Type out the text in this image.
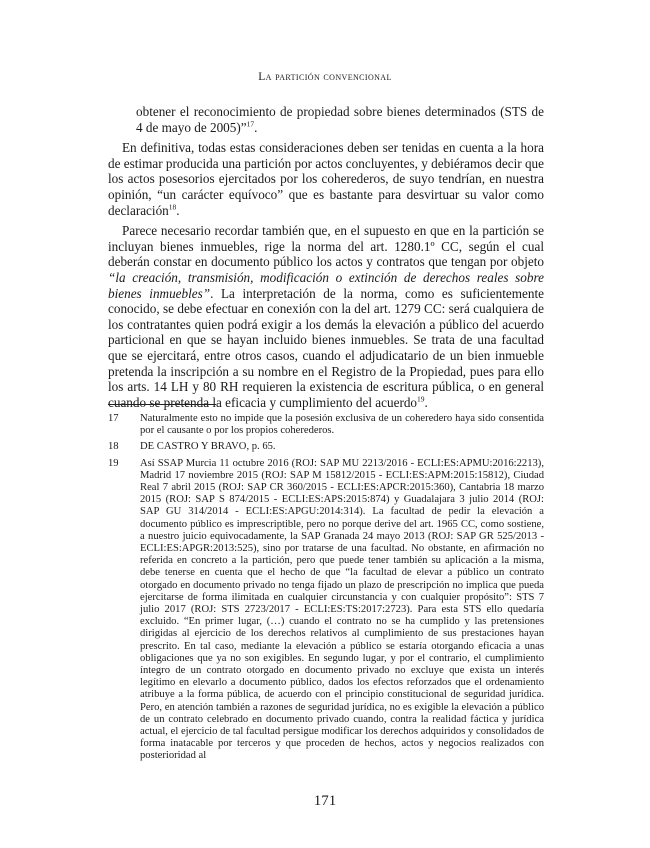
La partición convencional

obtener el reconocimiento de propiedad sobre bienes determinados (STS de 4 de mayo de 2005)”$^{17}$.

En definitiva, todas estas consideraciones deben ser tenidas en cuenta a la hora de estimar producida una partición por actos concluyentes, y debiéramos decir que los actos posesorios ejercitados por los coherederos, de suyo tendrían, en nuestra opinión, “un carácter equívoco” que es bastante para desvirtuar su valor como declaración$^{18}$.

Parece necesario recordar también que, en el supuesto en que en la partición se incluyan bienes inmuebles, rige la norma del art. 1280.1º CC, según el cual deberán constar en documento público los actos y contratos que tengan por objeto “la creación, transmisión, modificación o extinción de derechos reales sobre bienes inmuebles”. La interpretación de la norma, como es suficientemente conocido, se debe efectuar en conexión con la del art. 1279 CC: será cualquiera de los contratantes quien podrá exigir a los demás la elevación a público del acuerdo particional en que se hayan incluido bienes inmuebles. Se trata de una facultad que se ejercitará, entre otros casos, cuando el adjudicatario de un bien inmueble pretenda la inscripción a su nombre en el Registro de la Propiedad, pues para ello los arts. 14 LH y 80 RH requieren la existencia de escritura pública, o en general cuando se pretenda la eficacia y cumplimiento del acuerdo$^{19}$.

17	Naturalmente esto no impide que la posesión exclusiva de un coheredero haya sido consentida por el causante o por los propios coherederos.
18	DE CASTRO Y BRAVO, p. 65.
19	Así SSAP Murcia 11 octubre 2016 (ROJ: SAP MU 2213/2016 - ECLI:ES:APMU:2016:2213), Madrid 17 noviembre 2015 (ROJ: SAP M 15812/2015 - ECLI:ES:APM:2015:15812), Ciudad Real 7 abril 2015 (ROJ: SAP CR 360/2015 - ECLI:ES:APCR:2015:360), Cantabria 18 marzo 2015 (ROJ: SAP S 874/2015 - ECLI:ES:APS:2015:874) y Guadalajara 3 julio 2014 (ROJ: SAP GU 314/2014 - ECLI:ES:APGU:2014:314). La facultad de pedir la elevación a documento público es imprescriptible, pero no porque derive del art. 1965 CC, como sostiene, a nuestro juicio equivocadamente, la SAP Granada 24 mayo 2013 (ROJ: SAP GR 525/2013 - ECLI:ES:APGR:2013:525), sino por tratarse de una facultad. No obstante, en afirmación no referida en concreto a la partición, pero que puede tener también su aplicación a la misma, debe tenerse en cuenta que el hecho de que “la facultad de elevar a público un contrato otorgado en documento privado no tenga fijado un plazo de prescripción no implica que pueda ejercitarse de forma ilimitada en cualquier circunstancia y con cualquier propósito”: STS 7 julio 2017 (ROJ: STS 2723/2017 - ECLI:ES:TS:2017:2723). Para esta STS ello quedaría excluido. “En primer lugar, (…) cuando el contrato no se ha cumplido y las pretensiones dirigidas al ejercicio de los derechos relativos al cumplimiento de sus prestaciones hayan prescrito. En tal caso, mediante la elevación a público se estaría otorgando eficacia a unas obligaciones que ya no son exigibles. En segundo lugar, y por el contrario, el cumplimiento íntegro de un contrato otorgado en documento privado no excluye que exista un interés legítimo en elevarlo a documento público, dados los efectos reforzados que el ordenamiento atribuye a la forma pública, de acuerdo con el principio constitucional de seguridad jurídica. Pero, en atención también a razones de seguridad jurídica, no es exigible la elevación a público de un contrato celebrado en documento privado cuando, contra la realidad fáctica y jurídica actual, el ejercicio de tal facultad persigue modificar los derechos adquiridos y consolidados de forma inatacable por terceros y que proceden de hechos, actos y negocios realizados con posterioridad al
171
